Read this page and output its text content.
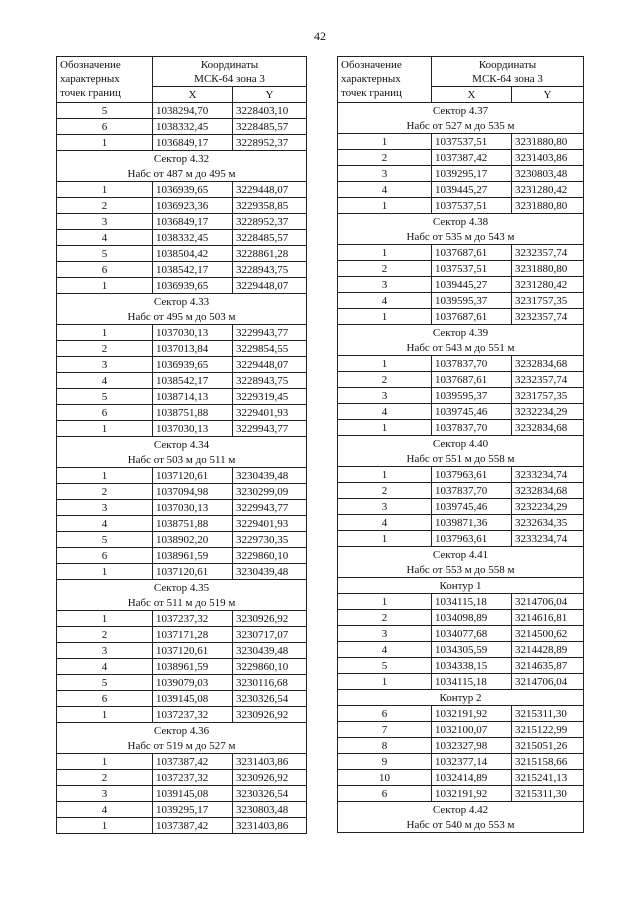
42
Обозначение
характерных
точек границ	Координаты
МСК-64 зона 3	
	X	Y
5	1038294,70	3228403,10
6	1038332,45	3228485,57
1	1036849,17	3228952,37
Сектор 4.32		
Набс от 487 м до 495 м		
1	1036939,65	3229448,07
2	1036923,36	3229358,85
3	1036849,17	3228952,37
4	1038332,45	3228485,57
5	1038504,42	3228861,28
6	1038542,17	3228943,75
1	1036939,65	3229448,07
Сектор 4.33		
Набс от 495 м до 503 м		
1	1037030,13	3229943,77
2	1037013,84	3229854,55
3	1036939,65	3229448,07
4	1038542,17	3228943,75
5	1038714,13	3229319,45
6	1038751,88	3229401,93
1	1037030,13	3229943,77
Сектор 4.34		
Набс от 503 м до 511 м		
1	1037120,61	3230439,48
2	1037094,98	3230299,09
3	1037030,13	3229943,77
4	1038751,88	3229401,93
5	1038902,20	3229730,35
6	1038961,59	3229860,10
1	1037120,61	3230439,48
Сектор 4.35		
Набс от 511 м до 519 м		
1	1037237,32	3230926,92
2	1037171,28	3230717,07
3	1037120,61	3230439,48
4	1038961,59	3229860,10
5	1039079,03	3230116,68
6	1039145,08	3230326,54
1	1037237,32	3230926,92
Сектор 4.36		
Набс от 519 м до 527 м		
1	1037387,42	3231403,86
2	1037237,32	3230926,92
3	1039145,08	3230326,54
4	1039295,17	3230803,48
1	1037387,42	3231403,86
Обозначение
характерных
точек границ	Координаты
МСК-64 зона 3	
	X	Y
Сектор 4.37		
Набс от 527 м до 535 м		
1	1037537,51	3231880,80
2	1037387,42	3231403,86
3	1039295,17	3230803,48
4	1039445,27	3231280,42
1	1037537,51	3231880,80
Сектор 4.38		
Набс от 535 м до 543 м		
1	1037687,61	3232357,74
2	1037537,51	3231880,80
3	1039445,27	3231280,42
4	1039595,37	3231757,35
1	1037687,61	3232357,74
Сектор 4.39		
Набс от 543 м до 551 м		
1	1037837,70	3232834,68
2	1037687,61	3232357,74
3	1039595,37	3231757,35
4	1039745,46	3232234,29
1	1037837,70	3232834,68
Сектор 4.40		
Набс от 551 м до 558 м		
1	1037963,61	3233234,74
2	1037837,70	3232834,68
3	1039745,46	3232234,29
4	1039871,36	3232634,35
1	1037963,61	3233234,74
Сектор 4.41		
Набс от 553 м до 558 м		
Контур 1		
1	1034115,18	3214706,04
2	1034098,89	3214616,81
3	1034077,68	3214500,62
4	1034305,59	3214428,89
5	1034338,15	3214635,87
1	1034115,18	3214706,04
Контур 2		
6	1032191,92	3215311,30
7	1032100,07	3215122,99
8	1032327,98	3215051,26
9	1032377,14	3215158,66
10	1032414,89	3215241,13
6	1032191,92	3215311,30
Сектор 4.42		
Набс от 540 м до 553 м		
